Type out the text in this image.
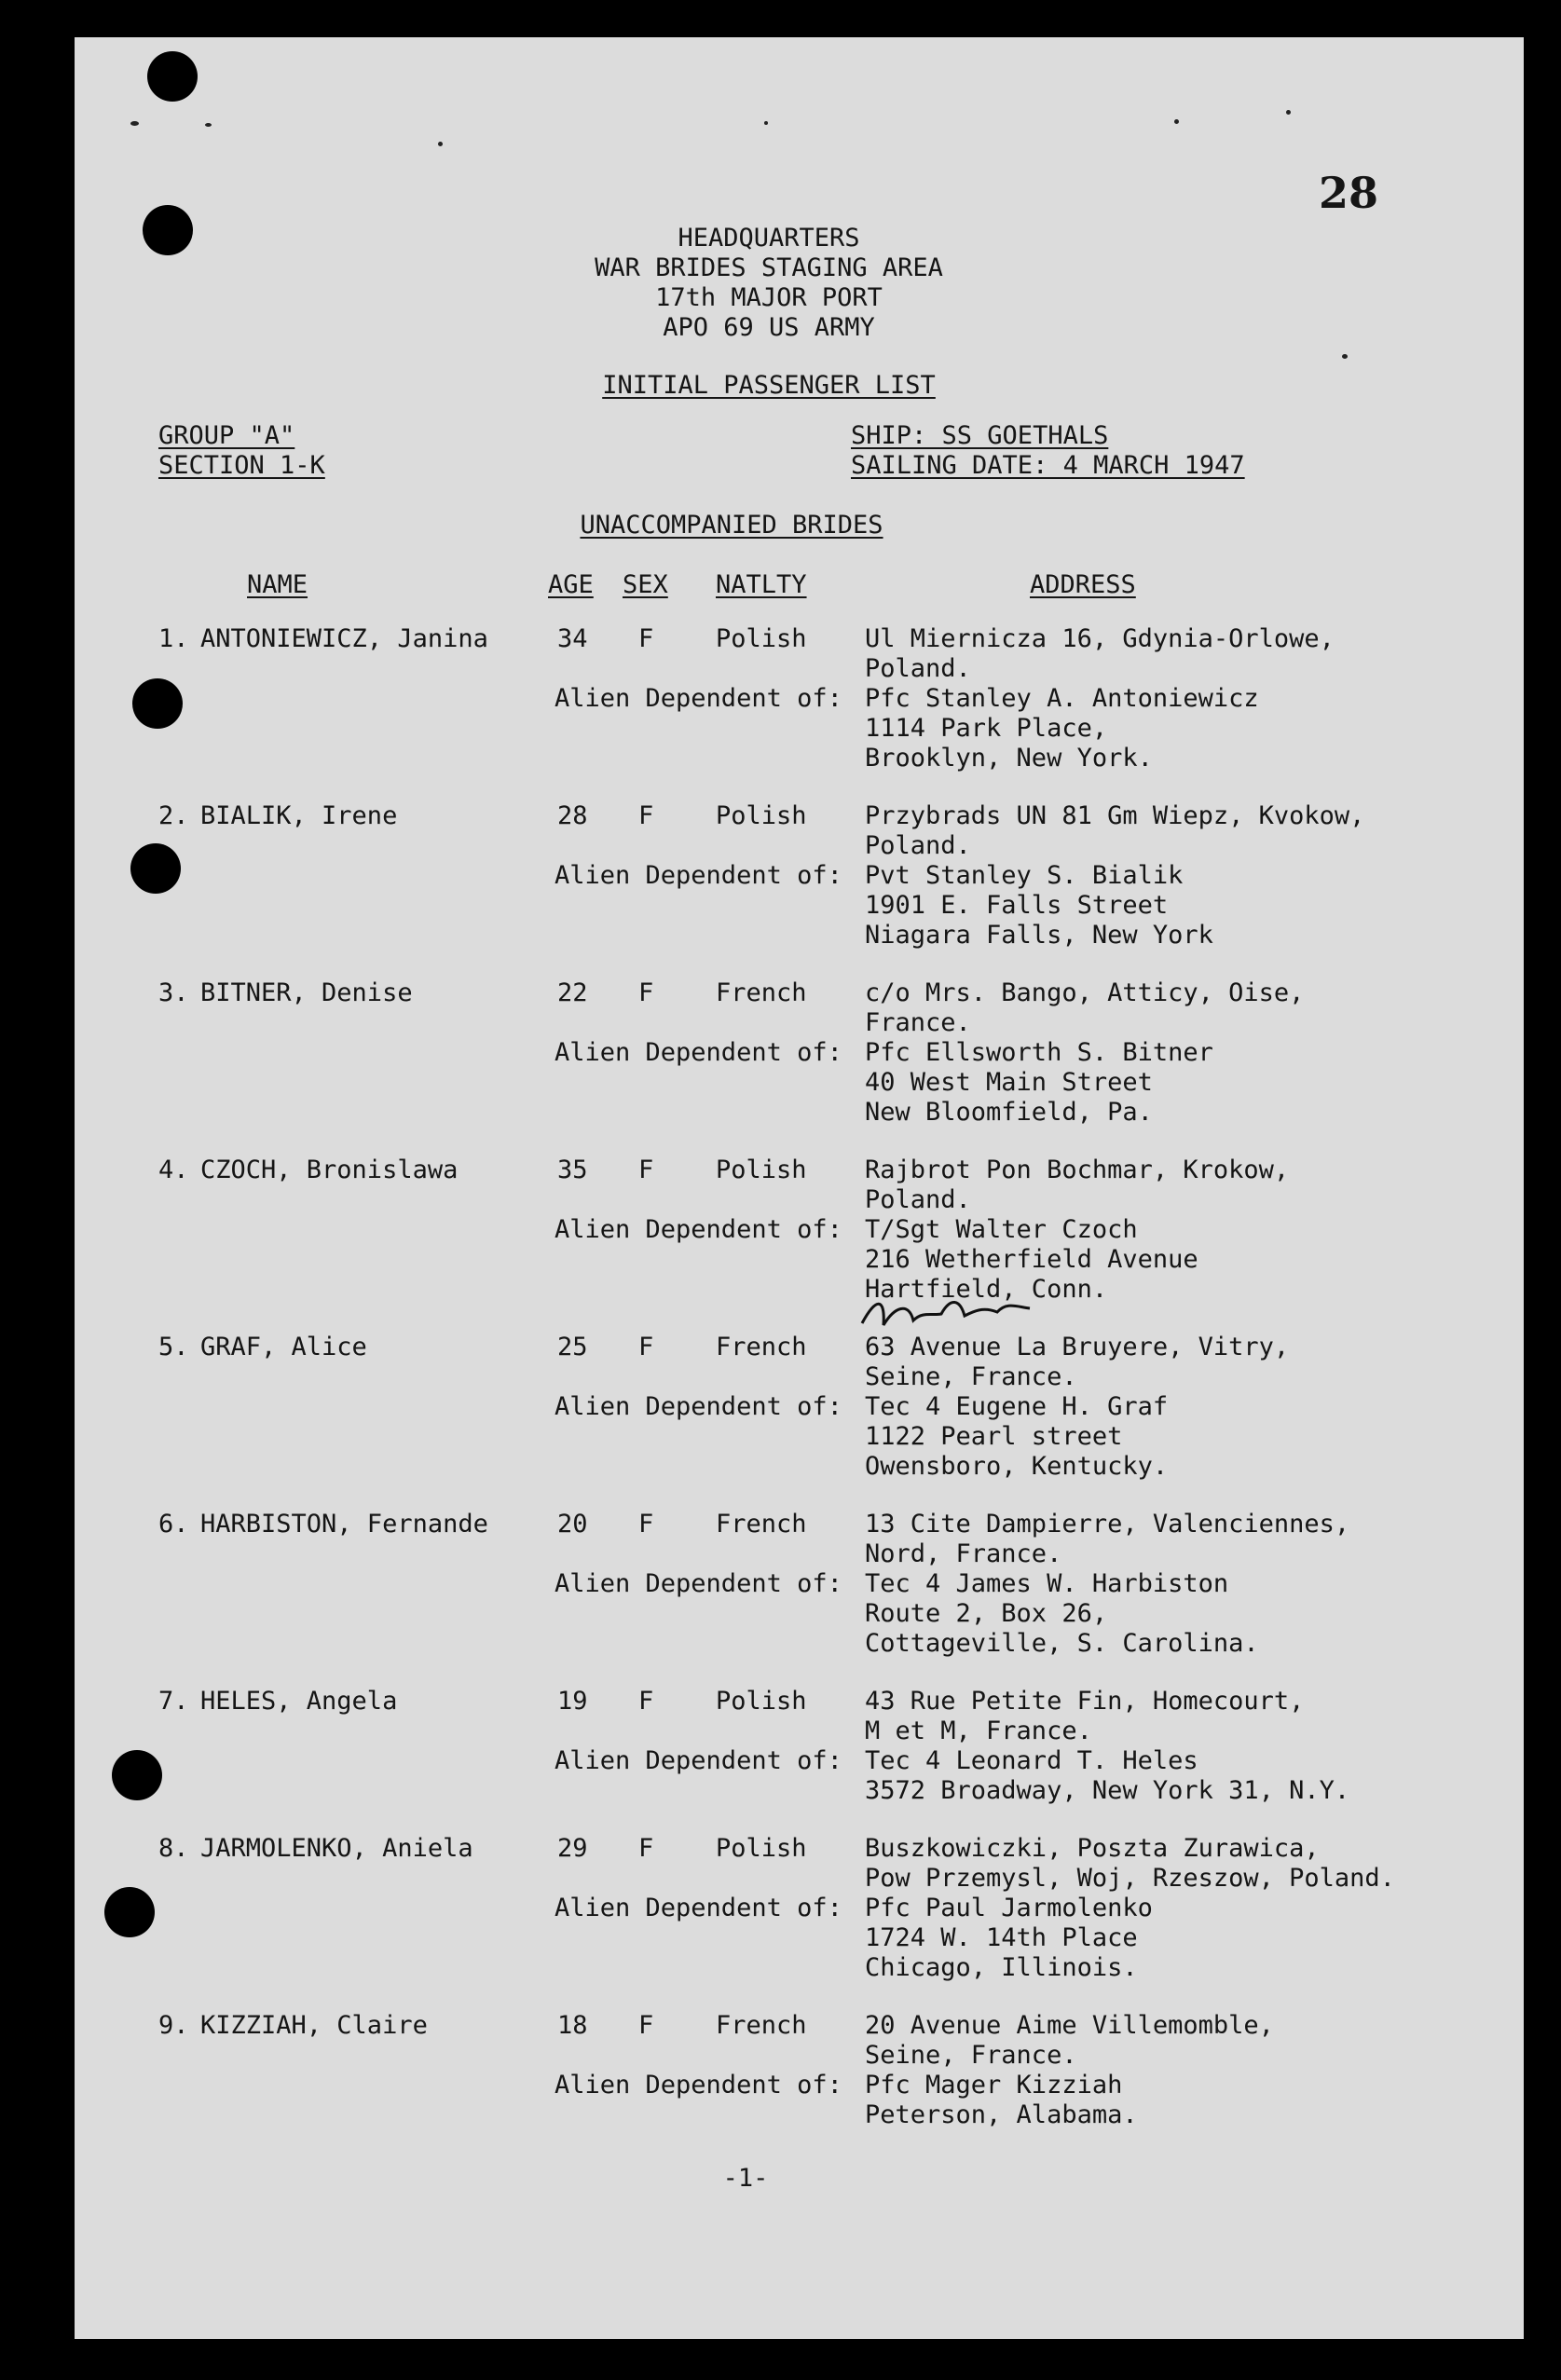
28
HEADQUARTERS
WAR BRIDES STAGING AREA
17th MAJOR PORT
APO 69 US ARMY
INITIAL PASSENGER LIST
GROUP "A"
SECTION 1-K
SHIP: SS GOETHALS
SAILING DATE: 4 MARCH 1947
UNACCOMPANIED BRIDES
NAME	AGE SEX NATLTY	ADDRESS
1. ANTONIEWICZ, Janina	34 F Polish Ul Miernicza 16, Gdynia-Orlowe,
Poland.
Alien Dependent of: Pfc Stanley A. Antoniewicz
1114 Park Place,
Brooklyn, New York.
2. BIALIK, Irene	28 F Polish Przybrads UN 81 Gm Wiepz, Kvokow,
Poland.
Alien Dependent of: Pvt Stanley S. Bialik
1901 E. Falls Street
Niagara Falls, New York
3. BITNER, Denise	22 F French c/o Mrs. Bango, Atticy, Oise,
France.
Alien Dependent of: Pfc Ellsworth S. Bitner
40 West Main Street
New Bloomfield, Pa.
4. CZOCH, Bronislawa	35 F Polish Rajbrot Pon Bochmar, Krokow,
Poland.
Alien Dependent of: T/Sgt Walter Czoch
216 Wetherfield Avenue
Hartfield, Conn.
5. GRAF, Alice	25 F French 63 Avenue La Bruyere, Vitry,
Seine, France.
Alien Dependent of: Tec 4 Eugene H. Graf
1122 Pearl street
Owensboro, Kentucky.
6. HARBISTON, Fernande	20 F French 13 Cite Dampierre, Valenciennes,
Nord, France.
Alien Dependent of: Tec 4 James W. Harbiston
Route 2, Box 26,
Cottageville, S. Carolina.
7. HELES, Angela	19 F Polish 43 Rue Petite Fin, Homecourt,
M et M, France.
Alien Dependent of: Tec 4 Leonard T. Heles
3572 Broadway, New York 31, N.Y.
8. JARMOLENKO, Aniela	29 F Polish Buszkowiczki, Poszta Zurawica,
Pow Przemysl, Woj, Rzeszow, Poland.
Alien Dependent of: Pfc Paul Jarmolenko
1724 W. 14th Place
Chicago, Illinois.
9. KIZZIAH, Claire	18 F French 20 Avenue Aime Villemomble,
Seine, France.
Alien Dependent of: Pfc Mager Kizziah
Peterson, Alabama.
-1-
